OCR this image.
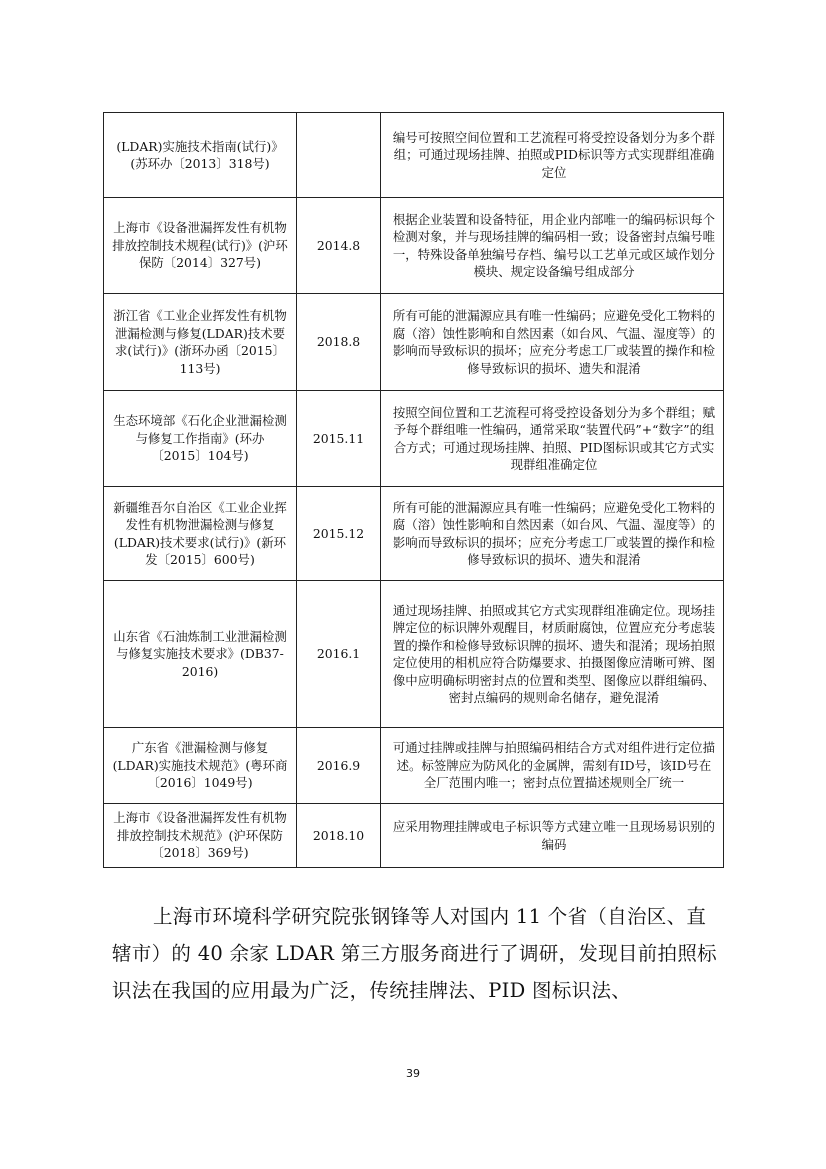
(LDAR)实施技术指南(试行)》(苏环办〔2013〕318号)		编号可按照空间位置和工艺流程可将受控设备划分为多个群组；可通过现场挂牌、拍照或PID标识等方式实现群组准确定位
上海市《设备泄漏挥发性有机物排放控制技术规程(试行)》(沪环保防〔2014〕327号)	2014.8	根据企业装置和设备特征，用企业内部唯一的编码标识每个检测对象，并与现场挂牌的编码相一致；设备密封点编号唯一，特殊设备单独编号存档、编号以工艺单元或区域作划分模块、规定设备编号组成部分
浙江省《工业企业挥发性有机物泄漏检测与修复(LDAR)技术要求(试行)》(浙环办函〔2015〕113号)	2018.8	所有可能的泄漏源应具有唯一性编码；应避免受化工物料的腐（溶）蚀性影响和自然因素（如台风、气温、湿度等）的影响而导致标识的损坏；应充分考虑工厂或装置的操作和检修导致标识的损坏、遗失和混淆
生态环境部《石化企业泄漏检测与修复工作指南》(环办〔2015〕104号)	2015.11	按照空间位置和工艺流程可将受控设备划分为多个群组；赋予每个群组唯一性编码，通常采取“装置代码”+“数字”的组合方式；可通过现场挂牌、拍照、PID图标识或其它方式实现群组准确定位
新疆维吾尔自治区《工业企业挥发性有机物泄漏检测与修复(LDAR)技术要求(试行)》(新环发〔2015〕600号)	2015.12	所有可能的泄漏源应具有唯一性编码；应避免受化工物料的腐（溶）蚀性影响和自然因素（如台风、气温、湿度等）的影响而导致标识的损坏；应充分考虑工厂或装置的操作和检修导致标识的损坏、遗失和混淆
山东省《石油炼制工业泄漏检测与修复实施技术要求》(DB37-2016)	2016.1	通过现场挂牌、拍照或其它方式实现群组准确定位。现场挂牌定位的标识牌外观醒目，材质耐腐蚀，位置应充分考虑装置的操作和检修导致标识牌的损坏、遗失和混淆；现场拍照定位使用的相机应符合防爆要求、拍摄图像应清晰可辨、图像中应明确标明密封点的位置和类型、图像应以群组编码、密封点编码的规则命名储存，避免混淆
广东省《泄漏检测与修复(LDAR)实施技术规范》(粤环商〔2016〕1049号)	2016.9	可通过挂牌或挂牌与拍照编码相结合方式对组件进行定位描述。标签牌应为防风化的金属牌，需刻有ID号，该ID号在全厂范围内唯一；密封点位置描述规则全厂统一
上海市《设备泄漏挥发性有机物排放控制技术规范》(沪环保防〔2018〕369号)	2018.10	应采用物理挂牌或电子标识等方式建立唯一且现场易识别的编码

上海市环境科学研究院张钢锋等人对国内 11 个省（自治区、直辖市）的 40 余家 LDAR 第三方服务商进行了调研，发现目前拍照标识法在我国的应用最为广泛，传统挂牌法、PID 图标识法、

39
